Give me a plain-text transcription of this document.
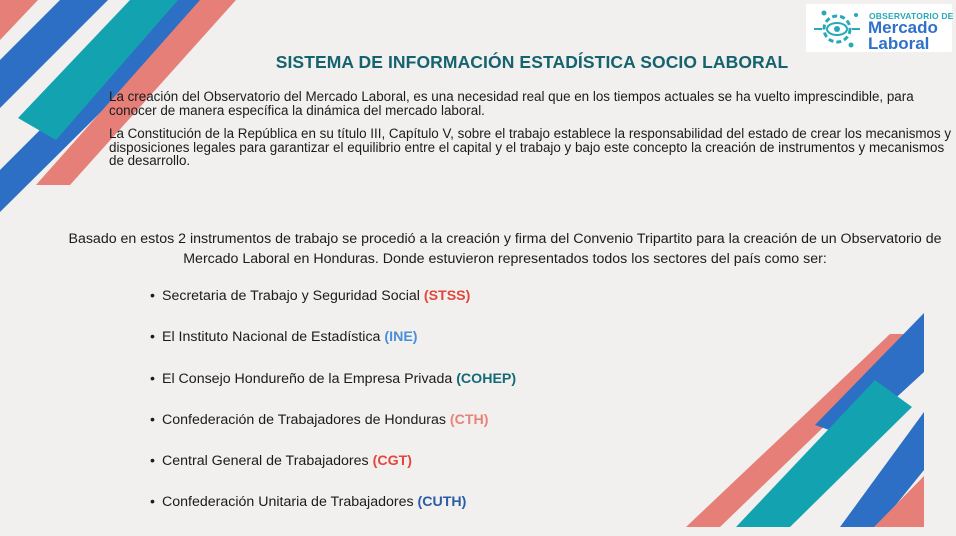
OBSERVATORIO DE
Mercado
Laboral
SISTEMA DE INFORMACIÓN ESTADÍSTICA SOCIO LABORAL

La creación del Observatorio del Mercado Laboral, es una necesidad real que en los tiempos actuales se ha vuelto imprescindible, para conocer de manera específica la dinámica del mercado laboral.

La Constitución de la República en su título III, Capítulo V, sobre el trabajo establece la responsabilidad del estado de crear los mecanismos y disposiciones legales para garantizar el equilibrio entre el capital y el trabajo y bajo este concepto la creación de instrumentos y mecanismos de desarrollo.

Basado en estos 2 instrumentos de trabajo se procedió a la creación y firma del Convenio Tripartito para la creación de un Observatorio de Mercado Laboral en Honduras. Donde estuvieron representados todos los sectores del país como ser:
• Secretaria de Trabajo y Seguridad Social (STSS)
• El Instituto Nacional de Estadística (INE)
• El Consejo Hondureño de la Empresa Privada (COHEP)
• Confederación de Trabajadores de Honduras (CTH)
• Central General de Trabajadores (CGT)
• Confederación Unitaria de Trabajadores (CUTH)
